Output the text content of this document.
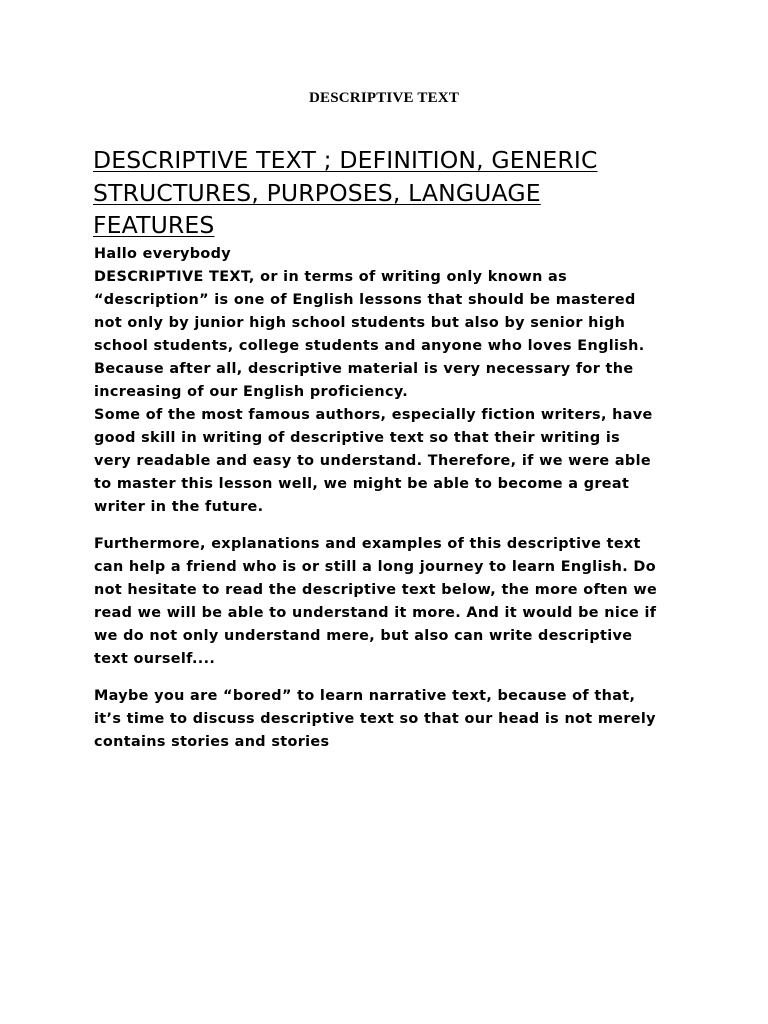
DESCRIPTIVE TEXT
DESCRIPTIVE TEXT ; DEFINITION, GENERIC
STRUCTURES, PURPOSES, LANGUAGE
FEATURES

Hallo everybody

DESCRIPTIVE TEXT, or in terms of writing only known as
“description” is one of English lessons that should be mastered
not only by junior high school students but also by senior high
school students, college students and anyone who loves English.
Because after all, descriptive material is very necessary for the
increasing of our English proficiency.

Some of the most famous authors, especially fiction writers, have
good skill in writing of descriptive text so that their writing is
very readable and easy to understand. Therefore, if we were able
to master this lesson well, we might be able to become a great
writer in the future.

Furthermore, explanations and examples of this descriptive text
can help a friend who is or still a long journey to learn English. Do
not hesitate to read the descriptive text below, the more often we
read we will be able to understand it more. And it would be nice if
we do not only understand mere, but also can write descriptive
text ourself....

Maybe you are “bored” to learn narrative text, because of that,
it’s time to discuss descriptive text so that our head is not merely
contains stories and stories
